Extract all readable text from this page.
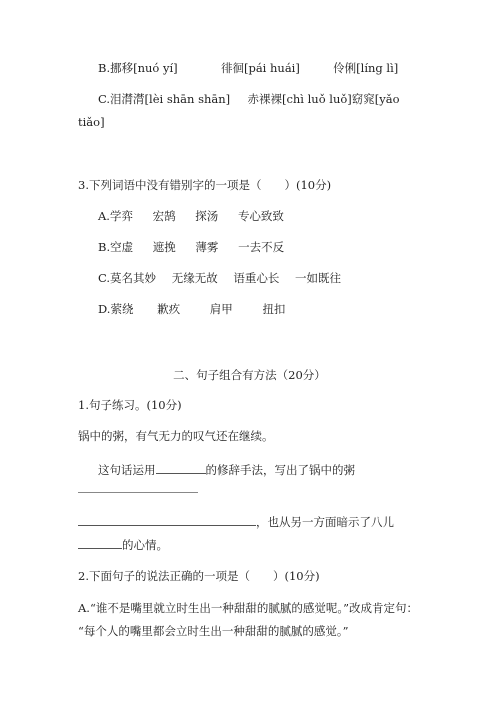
B.挪移[nuó yí]	徘徊[pái huái]	伶俐[líng lì]
C.泪潸潸[lèi shān shān] 赤裸裸[chì luǒ luǒ]窈窕[yǎo
tiǎo]
3.下列词语中没有错别字的一项是（　　）(10分)
A.学弈 宏鹄 探汤 专心致致
B.空虚 遮挽 薄雾 一去不反
C.莫名其妙 无缘无故 语重心长 一如既往
D.萦绕 歉疚	肩甲	扭扣
二、句子组合有方法（20分）
1.句子练习。(10分)
锅中的粥，有气无力的叹气还在继续。
这句话运用	的修辞手法，写出了锅中的粥
，也从另一方面暗示了八儿
的心情。
2.下面句子的说法正确的一项是（　　）(10分)
A.“谁不是嘴里就立时生出一种甜甜的腻腻的感觉呢。”改成肯定句：
“每个人的嘴里都会立时生出一种甜甜的腻腻的感觉。”
